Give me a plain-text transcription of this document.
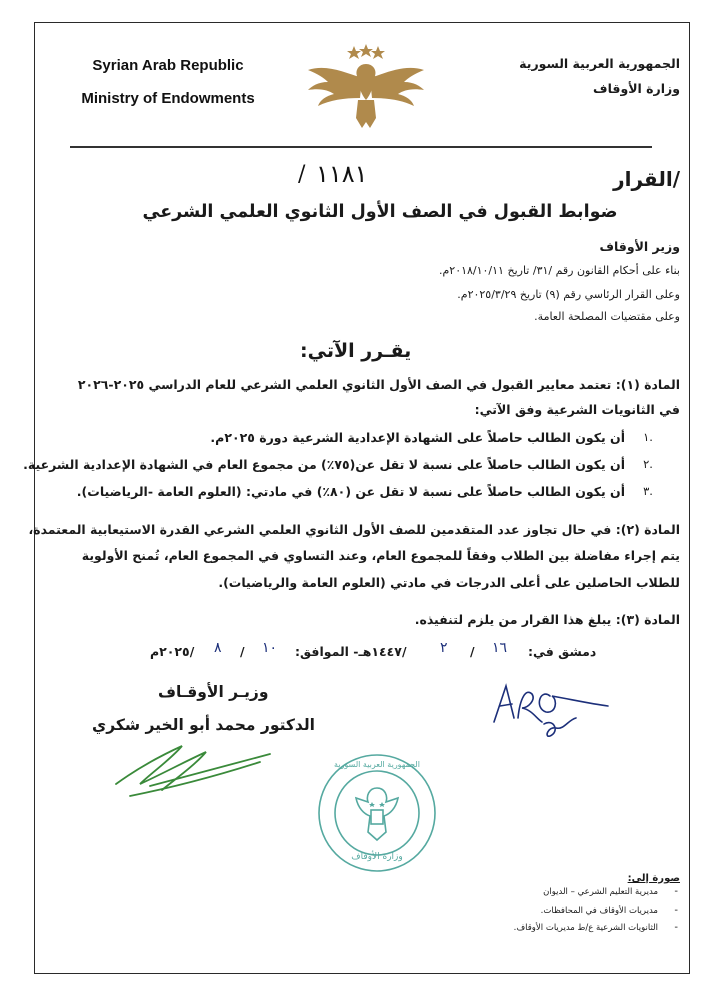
Syrian Arab Republic
Ministry of Endowments
الجمهورية العربية السورية
وزارة الأوقاف
القرار/
١١٨١
/
ضوابط القبول في الصف الأول الثانوي العلمي الشرعي
وزير الأوقاف
بناء على أحكام القانون رقم /٣١/ تاريخ ٢٠١٨/١٠/١١م.
وعلى القرار الرئاسي رقم (٩) تاريخ ٢٠٢٥/٣/٢٩م.
وعلى مقتضيات المصلحة العامة.
يقـرر الآتي:
المادة (١): تعتمد معايير القبول في الصف الأول الثانوي العلمي الشرعي للعام الدراسي ٢٠٢٥-٢٠٢٦
في الثانويات الشرعية وفق الآتي:
أن يكون الطالب حاصلاً على الشهادة الإعدادية الشرعية دورة ٢٠٢٥م.	١.
أن يكون الطالب حاصلاً على نسبة لا تقل عن(٧٥٪) من مجموع العام في الشهادة الإعدادية الشرعية.	٢.
أن يكون الطالب حاصلاً على نسبة لا تقل عن (٨٠٪) في مادتي: (العلوم العامة -الرياضيات).	٣.
المادة (٢): في حال تجاوز عدد المتقدمين للصف الأول الثانوي العلمي الشرعي القدرة الاستيعابية المعتمدة،
يتم إجراء مفاضلة بين الطلاب وفقاً للمجموع العام، وعند التساوي في المجموع العام، تُمنح الأولوية
للطلاب الحاصلين على أعلى الدرجات في مادتي (العلوم العامة والرياضيات).
المادة (٣): يبلغ هذا القرار من يلزم لتنفيذه.
دمشق في:
١٦
/
٢
/١٤٤٧هـ- الموافق:
١٠
/
٨
/٢٠٢٥م
وزيـر الأوقـاف
الدكتور محمد أبو الخير شكري
الجمهورية العربية السورية
وزارة الأوقاف
صورة إلى:
مديرية التعليم الشرعي – الديوان -
مديريات الأوقاف في المحافظات. -
الثانويات الشرعية ع/ط مديريات الأوقاف. -
